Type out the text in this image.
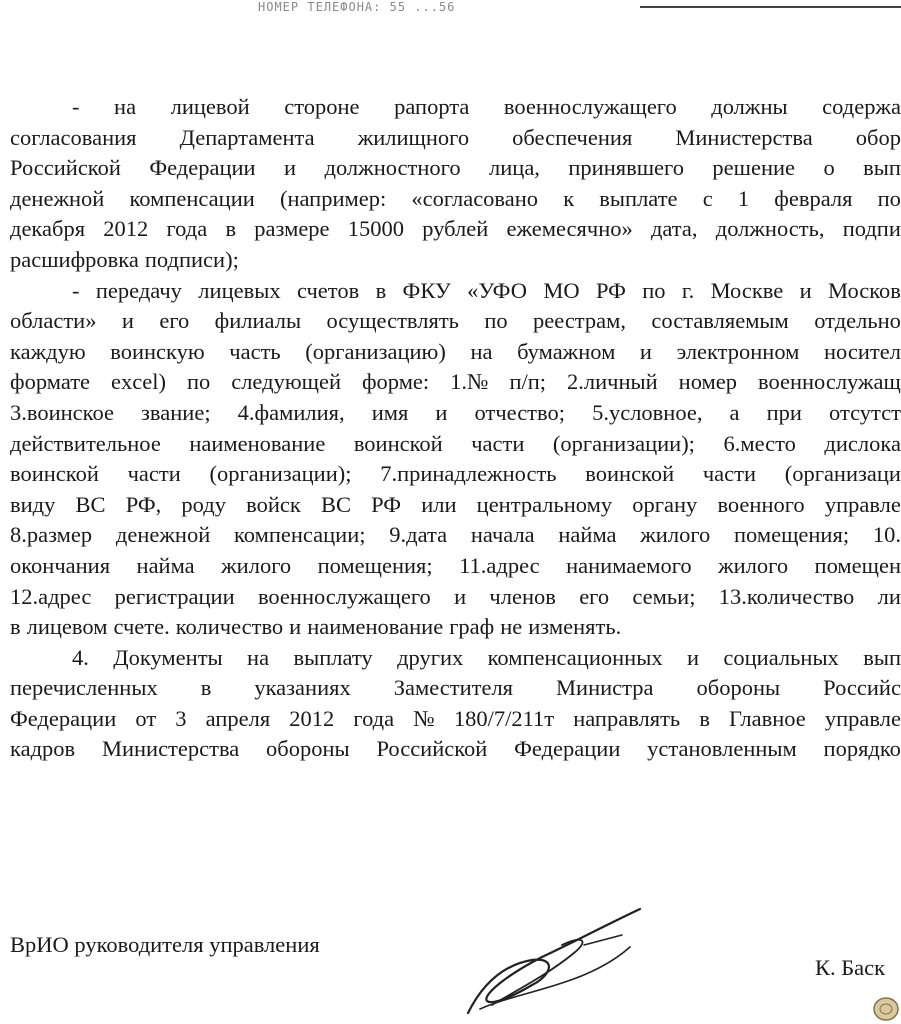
НОМЕР ТЕЛЕФОНА: 55 ...56
- на лицевой стороне рапорта военнослужащего должны содержа
согласования Департамента жилищного обеспечения Министерства обор
Российской Федерации и должностного лица, принявшего решение о вып
денежной компенсации (например: «согласовано к выплате с 1 февраля по
декабря 2012 года в размере 15000 рублей ежемесячно» дата, должность, подпи
расшифровка подписи);
- передачу лицевых счетов в ФКУ «УФО МО РФ по г. Москве и Москов
области» и его филиалы осуществлять по реестрам, составляемым отдельно
каждую воинскую часть (организацию) на бумажном и электронном носител
формате excel) по следующей форме: 1.№ п/п; 2.личный номер военнослужащ
3.воинское звание; 4.фамилия, имя и отчество; 5.условное, а при отсутст
действительное наименование воинской части (организации); 6.место дислока
воинской части (организации); 7.принадлежность воинской части (организаци
виду ВС РФ, роду войск ВС РФ или центральному органу военного управле
8.размер денежной компенсации; 9.дата начала найма жилого помещения; 10.
окончания найма жилого помещения; 11.адрес нанимаемого жилого помещен
12.адрес регистрации военнослужащего и членов его семьи; 13.количество ли
в лицевом счете. количество и наименование граф не изменять.
4. Документы на выплату других компенсационных и социальных вып
перечисленных в указаниях Заместителя Министра обороны Российс
Федерации от 3 апреля 2012 года № 180/7/211т направлять в Главное управле
кадров Министерства обороны Российской Федерации установленным порядко
ВрИО руководителя управления
К. Баск
